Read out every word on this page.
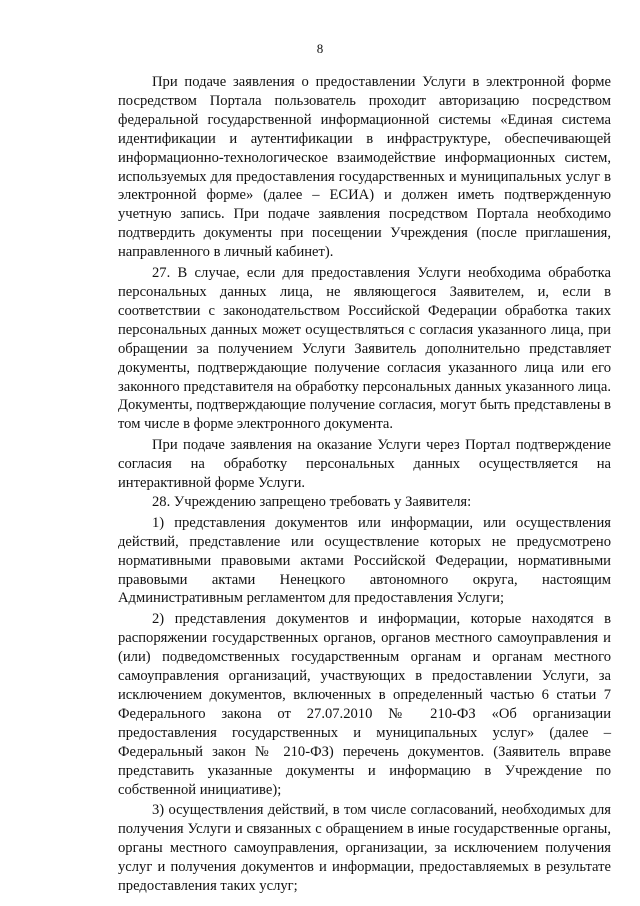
8

При подаче заявления о предоставлении Услуги в электронной форме посредством Портала пользователь проходит авторизацию посредством федеральной государственной информационной системы «Единая система идентификации и аутентификации в инфраструктуре, обеспечивающей информационно-технологическое взаимодействие информационных систем, используемых для предоставления государственных и муниципальных услуг в электронной форме» (далее – ЕСИА) и должен иметь подтвержденную учетную запись. При подаче заявления посредством Портала необходимо подтвердить документы при посещении Учреждения (после приглашения, направленного в личный кабинет).

27. В случае, если для предоставления Услуги необходима обработка персональных данных лица, не являющегося Заявителем, и, если в соответствии с законодательством Российской Федерации обработка таких персональных данных может осуществляться с согласия указанного лица, при обращении за получением Услуги Заявитель дополнительно представляет документы, подтверждающие получение согласия указанного лица или его законного представителя на обработку персональных данных указанного лица. Документы, подтверждающие получение согласия, могут быть представлены в том числе в форме электронного документа.

При подаче заявления на оказание Услуги через Портал подтверждение согласия на обработку персональных данных осуществляется на интерактивной форме Услуги.

28. Учреждению запрещено требовать у Заявителя:

1) представления документов или информации, или осуществления действий, представление или осуществление которых не предусмотрено нормативными правовыми актами Российской Федерации, нормативными правовыми актами Ненецкого автономного округа, настоящим Административным регламентом для предоставления Услуги;

2) представления документов и информации, которые находятся в распоряжении государственных органов, органов местного самоуправления и (или) подведомственных государственным органам и органам местного самоуправления организаций, участвующих в предоставлении Услуги, за исключением документов, включенных в определенный частью 6 статьи 7 Федерального закона от 27.07.2010 № 210-ФЗ «Об организации предоставления государственных и муниципальных услуг» (далее – Федеральный закон № 210-ФЗ) перечень документов. (Заявитель вправе представить указанные документы и информацию в Учреждение по собственной инициативе);

3) осуществления действий, в том числе согласований, необходимых для получения Услуги и связанных с обращением в иные государственные органы, органы местного самоуправления, организации, за исключением получения услуг и получения документов и информации, предоставляемых в результате предоставления таких услуг;
